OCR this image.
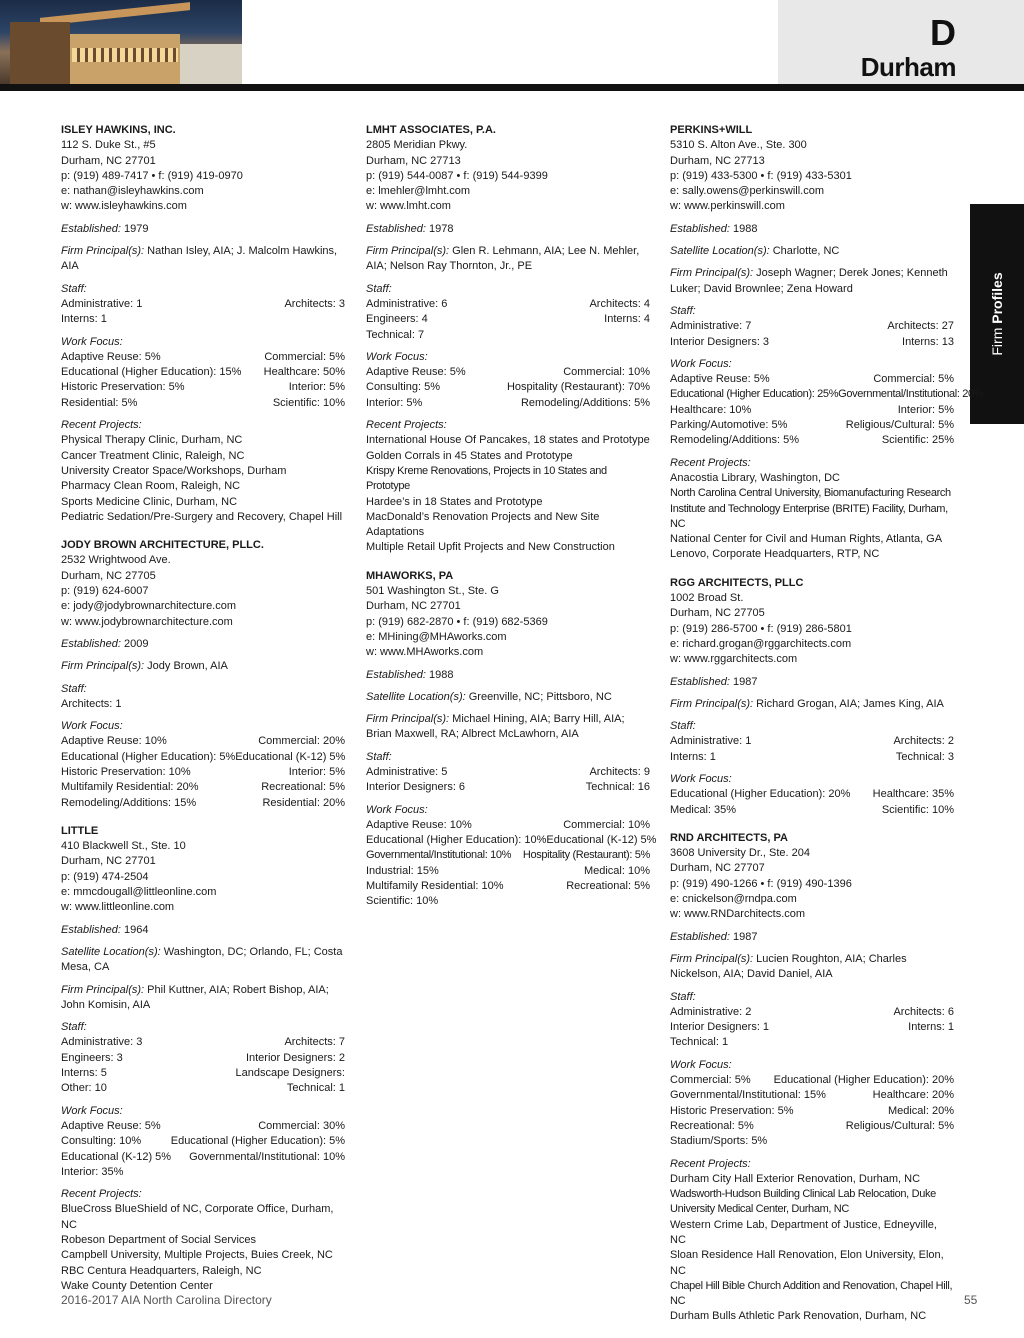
D
Durham
Firm Profiles
ISLEY HAWKINS, INC.
112 S. Duke St., #5
Durham, NC 27701
p: (919) 489-7417 • f: (919) 419-0970
e: nathan@isleyhawkins.com
w: www.isleyhawkins.com
Established: 1979
Firm Principal(s): Nathan Isley, AIA; J. Malcolm Hawkins, AIA
Staff:
Administrative: 1	Architects: 3
Interns: 1
Work Focus:
Adaptive Reuse: 5%	Commercial: 5%
Educational (Higher Education): 15% Healthcare: 50%
Historic Preservation: 5%	Interior: 5%
Residential: 5%	Scientific: 10%
Recent Projects:
Physical Therapy Clinic, Durham, NC
Cancer Treatment Clinic, Raleigh, NC
University Creator Space/Workshops, Durham
Pharmacy Clean Room, Raleigh, NC
Sports Medicine Clinic, Durham, NC
Pediatric Sedation/Pre-Surgery and Recovery, Chapel Hill
JODY BROWN ARCHITECTURE, PLLC.
2532 Wrightwood Ave.
Durham, NC 27705
p: (919) 624-6007
e: jody@jodybrownarchitecture.com
w: www.jodybrownarchitecture.com
Established: 2009
Firm Principal(s): Jody Brown, AIA
Staff:
Architects: 1
Work Focus:
Adaptive Reuse: 10%	Commercial: 20%
Educational (Higher Education): 5% Educational (K-12) 5%
Historic Preservation: 10%	Interior: 5%
Multifamily Residential: 20%	Recreational: 5%
Remodeling/Additions: 15%	Residential: 20%
LITTLE
410 Blackwell St., Ste. 10
Durham, NC 27701
p: (919) 474-2504
e: mmcdougall@littleonline.com
w: www.littleonline.com
Established: 1964
Satellite Location(s): Washington, DC; Orlando, FL; Costa Mesa, CA
Firm Principal(s): Phil Kuttner, AIA; Robert Bishop, AIA; John Komisin, AIA
Staff:
Administrative: 3	Architects: 7
Engineers: 3	Interior Designers: 2
Interns: 5	Landscape Designers:
Other: 10	Technical: 1
Work Focus:
Adaptive Reuse: 5%	Commercial: 30%
Consulting: 10%	Educational (Higher Education): 5%
Educational (K-12) 5% Governmental/Institutional: 10%
Interior: 35%
Recent Projects:
BlueCross BlueShield of NC, Corporate Office, Durham, NC
Robeson Department of Social Services
Campbell University, Multiple Projects, Buies Creek, NC
RBC Centura Headquarters, Raleigh, NC
Wake County Detention Center
LMHT ASSOCIATES, P.A.
2805 Meridian Pkwy.
Durham, NC 27713
p: (919) 544-0087 • f: (919) 544-9399
e: lmehler@lmht.com
w: www.lmht.com
Established: 1978
Firm Principal(s): Glen R. Lehmann, AIA; Lee N. Mehler, AIA; Nelson Ray Thornton, Jr., PE
Staff:
Administrative: 6	Architects: 4
Engineers: 4	Interns: 4
Technical: 7
Work Focus:
Adaptive Reuse: 5%	Commercial: 10%
Consulting: 5%	Hospitality (Restaurant): 70%
Interior: 5%	Remodeling/Additions: 5%
Recent Projects:
International House Of Pancakes, 18 states and Prototype
Golden Corrals in 45 States and Prototype
Krispy Kreme Renovations, Projects in 10 States and Prototype
Hardee’s in 18 States and Prototype
MacDonald’s Renovation Projects and New Site Adaptations
Multiple Retail Upfit Projects and New Construction
MHAWORKS, PA
501 Washington St., Ste. G
Durham, NC 27701
p: (919) 682-2870 • f: (919) 682-5369
e: MHining@MHAworks.com
w: www.MHAworks.com
Established: 1988
Satellite Location(s): Greenville, NC; Pittsboro, NC
Firm Principal(s): Michael Hining, AIA; Barry Hill, AIA; Brian Maxwell, RA; Albrect McLawhorn, AIA
Staff:
Administrative: 5	Architects: 9
Interior Designers: 6	Technical: 16
Work Focus:
Adaptive Reuse: 10%	Commercial: 10%
Educational (Higher Education): 10% Educational (K-12) 5%
Governmental/Institutional: 10% Hospitality (Restaurant): 5%
Industrial: 15%	Medical: 10%
Multifamily Residential: 10%	Recreational: 5%
Scientific: 10%
PERKINS+WILL
5310 S. Alton Ave., Ste. 300
Durham, NC 27713
p: (919) 433-5300 • f: (919) 433-5301
e: sally.owens@perkinswill.com
w: www.perkinswill.com
Established: 1988
Satellite Location(s): Charlotte, NC
Firm Principal(s): Joseph Wagner; Derek Jones; Kenneth Luker; David Brownlee; Zena Howard
Staff:
Administrative: 7	Architects: 27
Interior Designers: 3	Interns: 13
Work Focus:
Adaptive Reuse: 5%	Commercial: 5%
Educational (Higher Education): 25% Governmental/Institutional: 20%
Healthcare: 10%	Interior: 5%
Parking/Automotive: 5%	Religious/Cultural: 5%
Remodeling/Additions: 5%	Scientific: 25%
Recent Projects:
Anacostia Library, Washington, DC
North Carolina Central University, Biomanufacturing Research
Institute and Technology Enterprise (BRITE) Facility, Durham, NC
National Center for Civil and Human Rights, Atlanta, GA
Lenovo, Corporate Headquarters, RTP, NC
RGG ARCHITECTS, PLLC
1002 Broad St.
Durham, NC 27705
p: (919) 286-5700 • f: (919) 286-5801
e: richard.grogan@rggarchitects.com
w: www.rggarchitects.com
Established: 1987
Firm Principal(s): Richard Grogan, AIA; James King, AIA
Staff:
Administrative: 1	Architects: 2
Interns: 1	Technical: 3
Work Focus:
Educational (Higher Education): 20% Healthcare: 35%
Medical: 35%	Scientific: 10%
RND ARCHITECTS, PA
3608 University Dr., Ste. 204
Durham, NC 27707
p: (919) 490-1266 • f: (919) 490-1396
e: cnickelson@rndpa.com
w: www.RNDarchitects.com
Established: 1987
Firm Principal(s): Lucien Roughton, AIA; Charles Nickelson, AIA; David Daniel, AIA
Staff:
Administrative: 2	Architects: 6
Interior Designers: 1	Interns: 1
Technical: 1
Work Focus:
Commercial: 5% Educational (Higher Education): 20%
Governmental/Institutional: 15%	Healthcare: 20%
Historic Preservation: 5%	Medical: 20%
Recreational: 5%	Religious/Cultural: 5%
Stadium/Sports: 5%
Recent Projects:
Durham City Hall Exterior Renovation, Durham, NC
Wadsworth-Hudson Building Clinical Lab Relocation, Duke University Medical Center, Durham, NC
Western Crime Lab, Department of Justice, Edneyville, NC
Sloan Residence Hall Renovation, Elon University, Elon, NC
Chapel Hill Bible Church Addition and Renovation, Chapel Hill, NC
Durham Bulls Athletic Park Renovation, Durham, NC
2016-2017 AIA North Carolina Directory	55
